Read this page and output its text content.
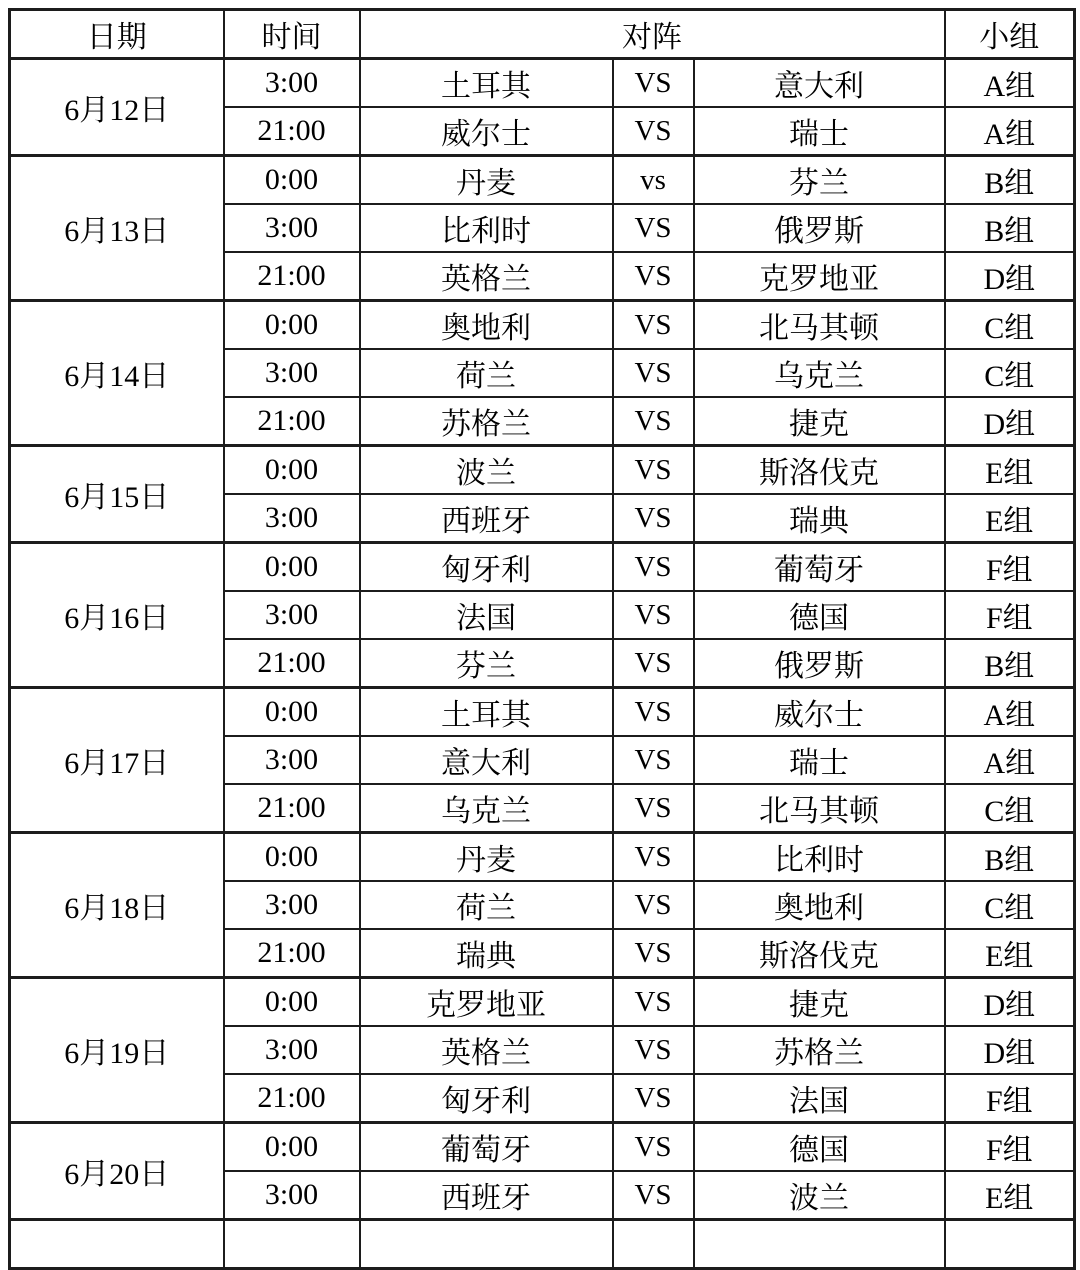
日期	时间	对阵			小组
6月12日	3:00	土耳其	VS	意大利	A组
	21:00	威尔士	VS	瑞士	A组
6月13日	0:00	丹麦	vs	芬兰	B组
	3:00	比利时	VS	俄罗斯	B组
	21:00	英格兰	VS	克罗地亚	D组
6月14日	0:00	奥地利	VS	北马其顿	C组
	3:00	荷兰	VS	乌克兰	C组
	21:00	苏格兰	VS	捷克	D组
6月15日	0:00	波兰	VS	斯洛伐克	E组
	3:00	西班牙	VS	瑞典	E组
6月16日	0:00	匈牙利	VS	葡萄牙	F组
	3:00	法国	VS	德国	F组
	21:00	芬兰	VS	俄罗斯	B组
6月17日	0:00	土耳其	VS	威尔士	A组
	3:00	意大利	VS	瑞士	A组
	21:00	乌克兰	VS	北马其顿	C组
6月18日	0:00	丹麦	VS	比利时	B组
	3:00	荷兰	VS	奥地利	C组
	21:00	瑞典	VS	斯洛伐克	E组
6月19日	0:00	克罗地亚	VS	捷克	D组
	3:00	英格兰	VS	苏格兰	D组
	21:00	匈牙利	VS	法国	F组
6月20日	0:00	葡萄牙	VS	德国	F组
	3:00	西班牙	VS	波兰	E组
